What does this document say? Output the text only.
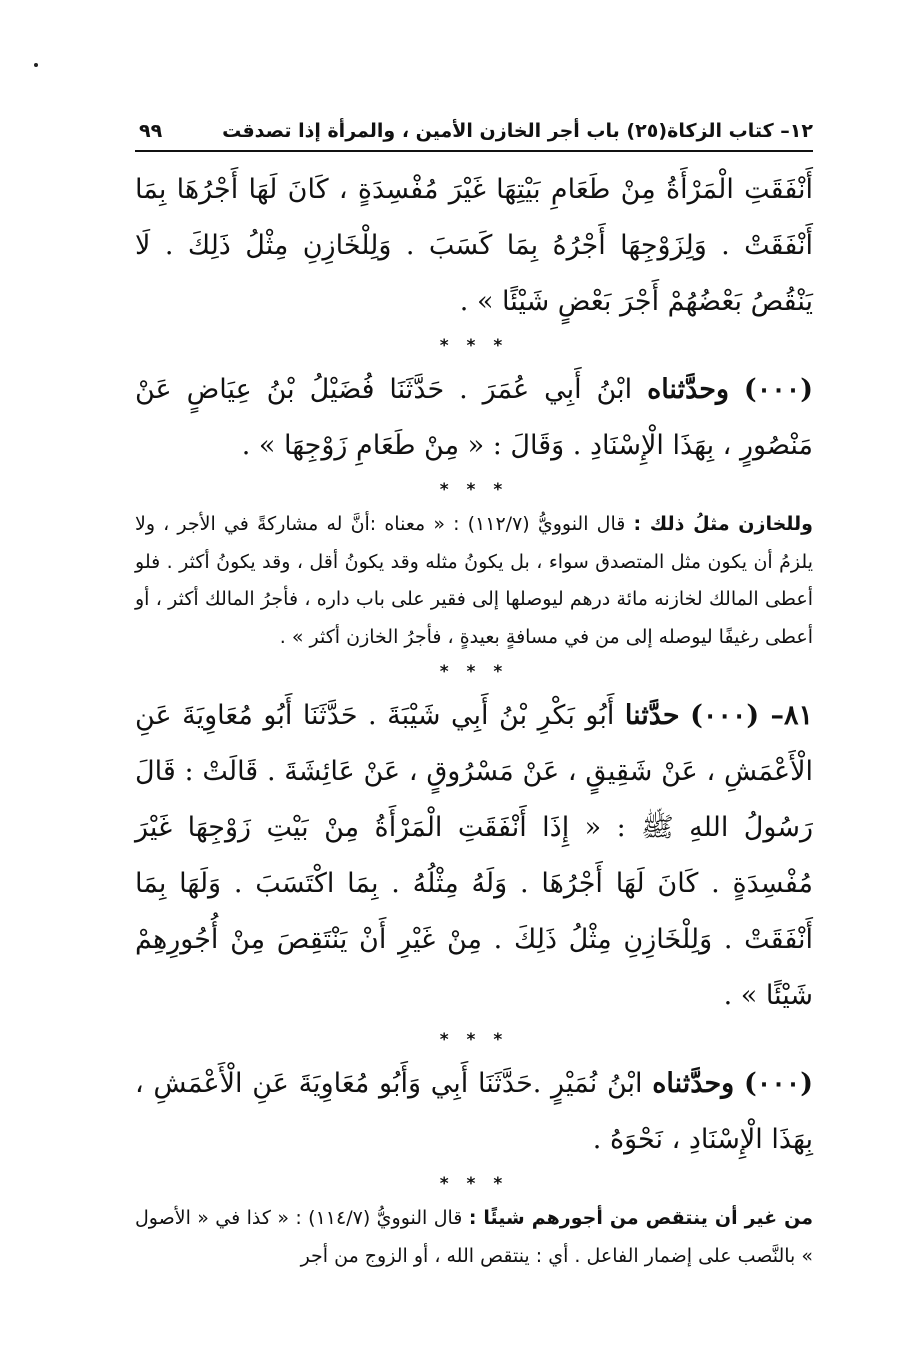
١٢– كتاب الزكاة
(٢٥) باب أجر الخازن الأمين ، والمرأة إذا تصدقت
٩٩

أَنْفَقَتِ الْمَرْأَةُ مِنْ طَعَامِ بَيْتِهَا غَيْرَ مُفْسِدَةٍ ، كَانَ لَهَا أَجْرُهَا بِمَا أَنْفَقَتْ . وَلِزَوْجِهَا أَجْرُهُ بِمَا كَسَبَ . وَلِلْخَازِنِ مِثْلُ ذَلِكَ . لَا يَنْقُصُ بَعْضُهُمْ أَجْرَ بَعْضٍ شَيْئًا » .

* * *

(٠٠٠) وحدَّثناه ابْنُ أَبِي عُمَرَ . حَدَّثَنَا فُضَيْلُ بْنُ عِيَاضٍ عَنْ مَنْصُورٍ ، بِهَذَا الْإِسْنَادِ . وَقَالَ : « مِنْ طَعَامِ زَوْجِهَا » .

* * *

وللخازن مثلُ ذلك : قال النوويُّ (١١٢/٧) : « معناه :أنَّ له مشاركةً في الأجر ، ولا يلزمُ أن يكون مثل المتصدق سواء ، بل يكونُ مثله وقد يكونُ أقل ، وقد يكونُ أكثر . فلو أعطى المالك لخازنه مائة درهم ليوصلها إلى فقير على باب داره ، فأجرُ المالك أكثر ، أو أعطى رغيفًا ليوصله إلى من في مسافةٍ بعيدةٍ ، فأجرُ الخازن أكثر » .

* * *

٨١– (٠٠٠) حدَّثنا أَبُو بَكْرِ بْنُ أَبِي شَيْبَةَ . حَدَّثَنَا أَبُو مُعَاوِيَةَ عَنِ الْأَعْمَشِ ، عَنْ شَقِيقٍ ، عَنْ مَسْرُوقٍ ، عَنْ عَائِشَةَ . قَالَتْ : قَالَ رَسُولُ اللهِ ﷺ : « إِذَا أَنْفَقَتِ الْمَرْأَةُ مِنْ بَيْتِ زَوْجِهَا غَيْرَ مُفْسِدَةٍ . كَانَ لَهَا أَجْرُهَا . وَلَهُ مِثْلُهُ . بِمَا اكْتَسَبَ . وَلَهَا بِمَا أَنْفَقَتْ . وَلِلْخَازِنِ مِثْلُ ذَلِكَ . مِنْ غَيْرِ أَنْ يَنْتَقِصَ مِنْ أُجُورِهِمْ شَيْئًا » .

* * *

(٠٠٠) وحدَّثناه ابْنُ نُمَيْرٍ .حَدَّثَنَا أَبِي وَأَبُو مُعَاوِيَةَ عَنِ الْأَعْمَشِ ، بِهَذَا الْإِسْنَادِ ، نَحْوَهُ .

* * *

من غير أن ينتقص من أجورهم شيئًا : قال النوويُّ (١١٤/٧) : « كذا في « الأصول » بالنَّصب على إضمار الفاعل . أي : ينتقص الله ، أو الزوج من أجر
